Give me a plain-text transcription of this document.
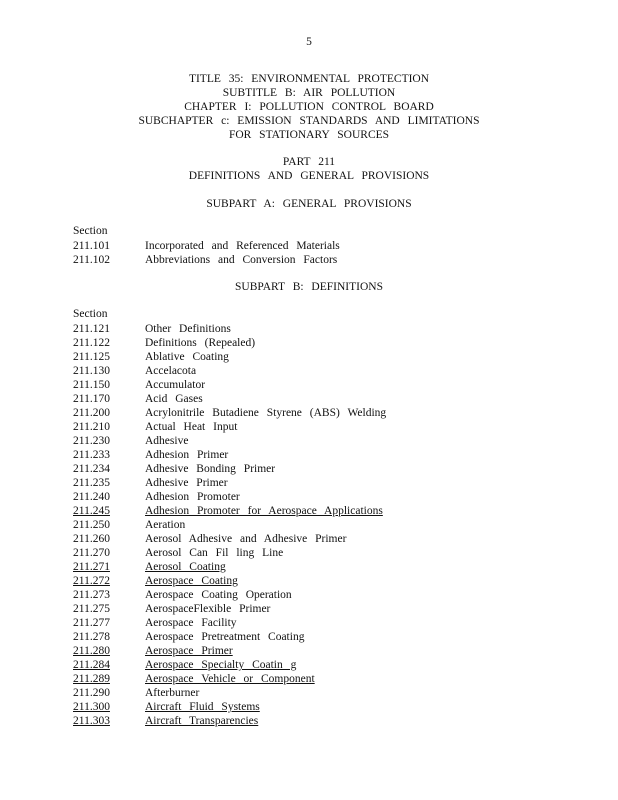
5
TITLE 35: ENVIRONMENTAL PROTECTION
SUBTITLE B: AIR POLLUTION
CHAPTER I: POLLUTION CONTROL BOARD
SUBCHAPTER c: EMISSION STANDARDS AND LIMITATIONS
FOR STATIONARY SOURCES
PART 211
DEFINITIONS AND GENERAL PROVISIONS
SUBPART A: GENERAL PROVISIONS
Section
211.101	Incorporated and Referenced Materials
211.102	Abbreviations and Conversion Factors
SUBPART B: DEFINITIONS
Section
211.121	Other Definitions
211.122	Definitions (Repealed)
211.125	Ablative Coating
211.130	Accelacota
211.150	Accumulator
211.170	Acid Gases
211.200	Acrylonitrile Butadiene Styrene (ABS) Welding
211.210	Actual Heat Input
211.230	Adhesive
211.233	Adhesion Primer
211.234	Adhesive Bonding Primer
211.235	Adhesive Primer
211.240	Adhesion Promoter
211.245	Adhesion Promoter for Aerospace Applications
211.250	Aeration
211.260	Aerosol Adhesive and Adhesive Primer
211.270	Aerosol Can Fil ling Line
211.271	Aerosol Coating
211.272	Aerospace Coating
211.273	Aerospace Coating Operation
211.275	AerospaceFlexible Primer
211.277	Aerospace Facility
211.278	Aerospace Pretreatment Coating
211.280	Aerospace Primer
211.284	Aerospace Specialty Coatin g
211.289	Aerospace Vehicle or Component
211.290	Afterburner
211.300	Aircraft Fluid Systems
211.303	Aircraft Transparencies
